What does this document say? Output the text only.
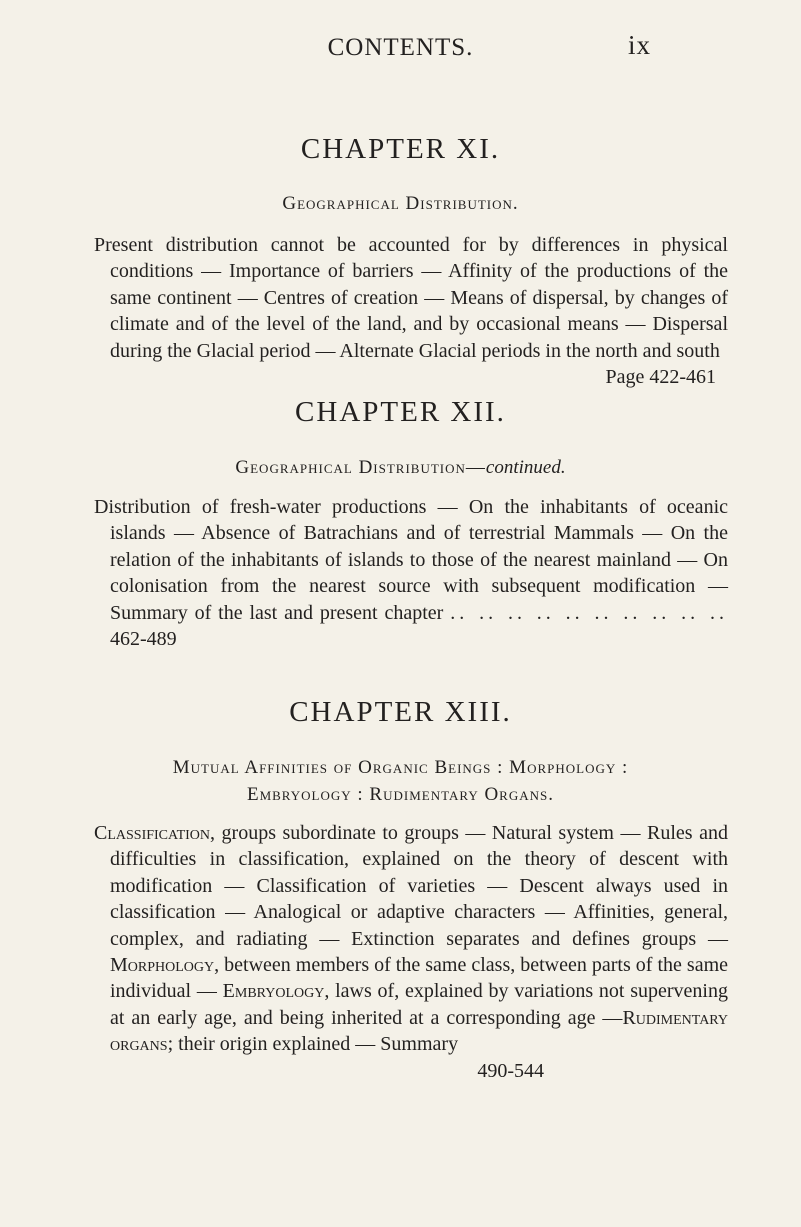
CONTENTS.	ix
CHAPTER XI.
Geographical Distribution.
Present distribution cannot be accounted for by differences in physical conditions — Importance of barriers — Affinity of the productions of the same continent — Centres of creation — Means of dispersal, by changes of climate and of the level of the land, and by occasional means — Dispersal during the Glacial period — Alternate Glacial periods in the north and south
Page 422-461
CHAPTER XII.
Geographical Distribution—continued.
Distribution of fresh-water productions — On the inhabitants of oceanic islands — Absence of Batrachians and of terrestrial Mammals — On the relation of the inhabitants of islands to those of the nearest mainland — On colonisation from the nearest source with subsequent modification — Summary of the last and present chapter .. .. .. .. .. .. .. .. .. .. 462-489
CHAPTER XIII.
Mutual Affinities of Organic Beings : Morphology :
Embryology : Rudimentary Organs.
Classification, groups subordinate to groups — Natural system — Rules and difficulties in classification, explained on the theory of descent with modification — Classification of varieties — Descent always used in classification — Analogical or adaptive characters — Affinities, general, complex, and radiating — Extinction separates and defines groups — Morphology, between members of the same class, between parts of the same individual — Embryology, laws of, explained by variations not supervening at an early age, and being inherited at a corresponding age —Rudimentary organs; their origin explained — Summary
490-544
